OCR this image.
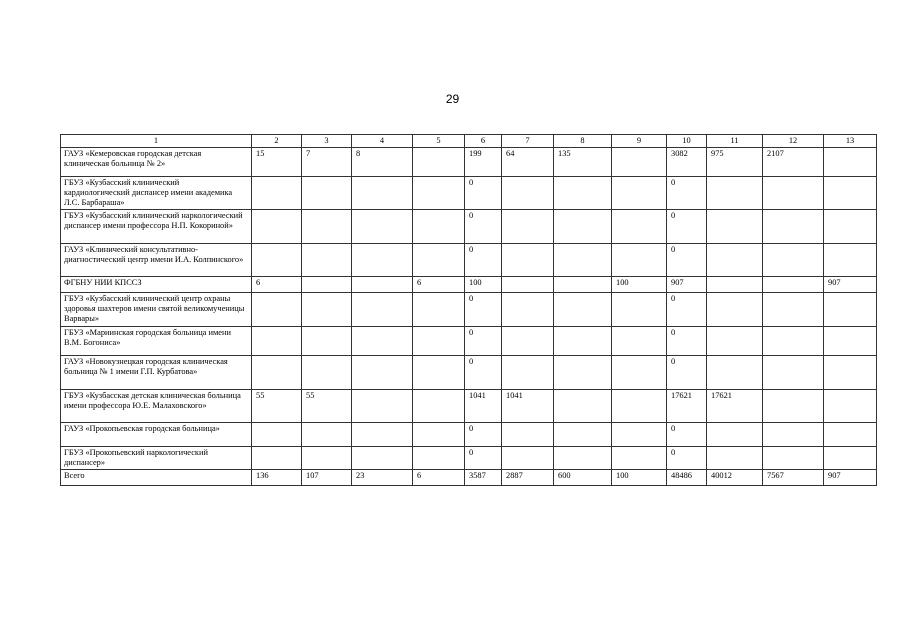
29
1	2	3	4	5	6	7	8	9	10	11	12	13
ГАУЗ «Кемеровская городская детская клиническая больница № 2»	15	7	8		199	64	135		3082	975	2107	
ГБУЗ «Кузбасский клинический кардиологический диспансер имени академика Л.С. Барбараша»					0				0			
ГБУЗ «Кузбасский клинический наркологический диспансер имени профессора Н.П. Кокориной»					0				0			
ГАУЗ «Клинический консультативно-диагностический центр имени И.А. Колпинского»					0				0			
ФГБНУ НИИ КПССЗ	6			6	100			100	907			907
ГБУЗ «Кузбасский клинический центр охраны здоровья шахтеров имени святой великомученицы Варвары»					0				0			
ГБУЗ «Мариинская городская больница имени В.М. Богониса»					0				0			
ГАУЗ «Новокузнецкая городская клиническая больница № 1 имени Г.П. Курбатова»					0				0			
ГБУЗ «Кузбасская детская клиническая больница имени профессора Ю.Е. Малаховского»	55	55			1041	1041			17621	17621		
ГАУЗ «Прокопьевская городская больница»					0				0			
ГБУЗ «Прокопьевский наркологический диспансер»					0				0			
Всего	136	107	23	6	3587	2887	600	100	48486	40012	7567	907
